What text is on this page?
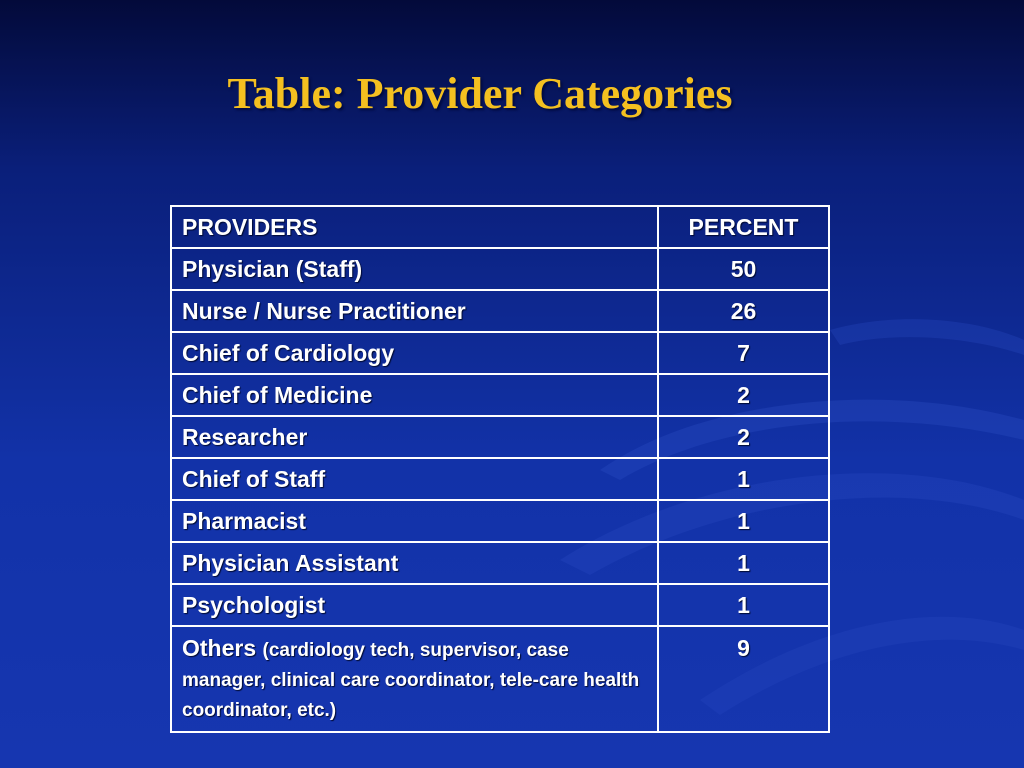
Table: Provider Categories
PROVIDERS	PERCENT
Physician (Staff)	50
Nurse / Nurse Practitioner	26
Chief of Cardiology	7
Chief of Medicine	2
Researcher	2
Chief of Staff	1
Pharmacist	1
Physician Assistant	1
Psychologist	1
Others (cardiology tech, supervisor, case manager, clinical care coordinator, tele-care health coordinator, etc.)	9
